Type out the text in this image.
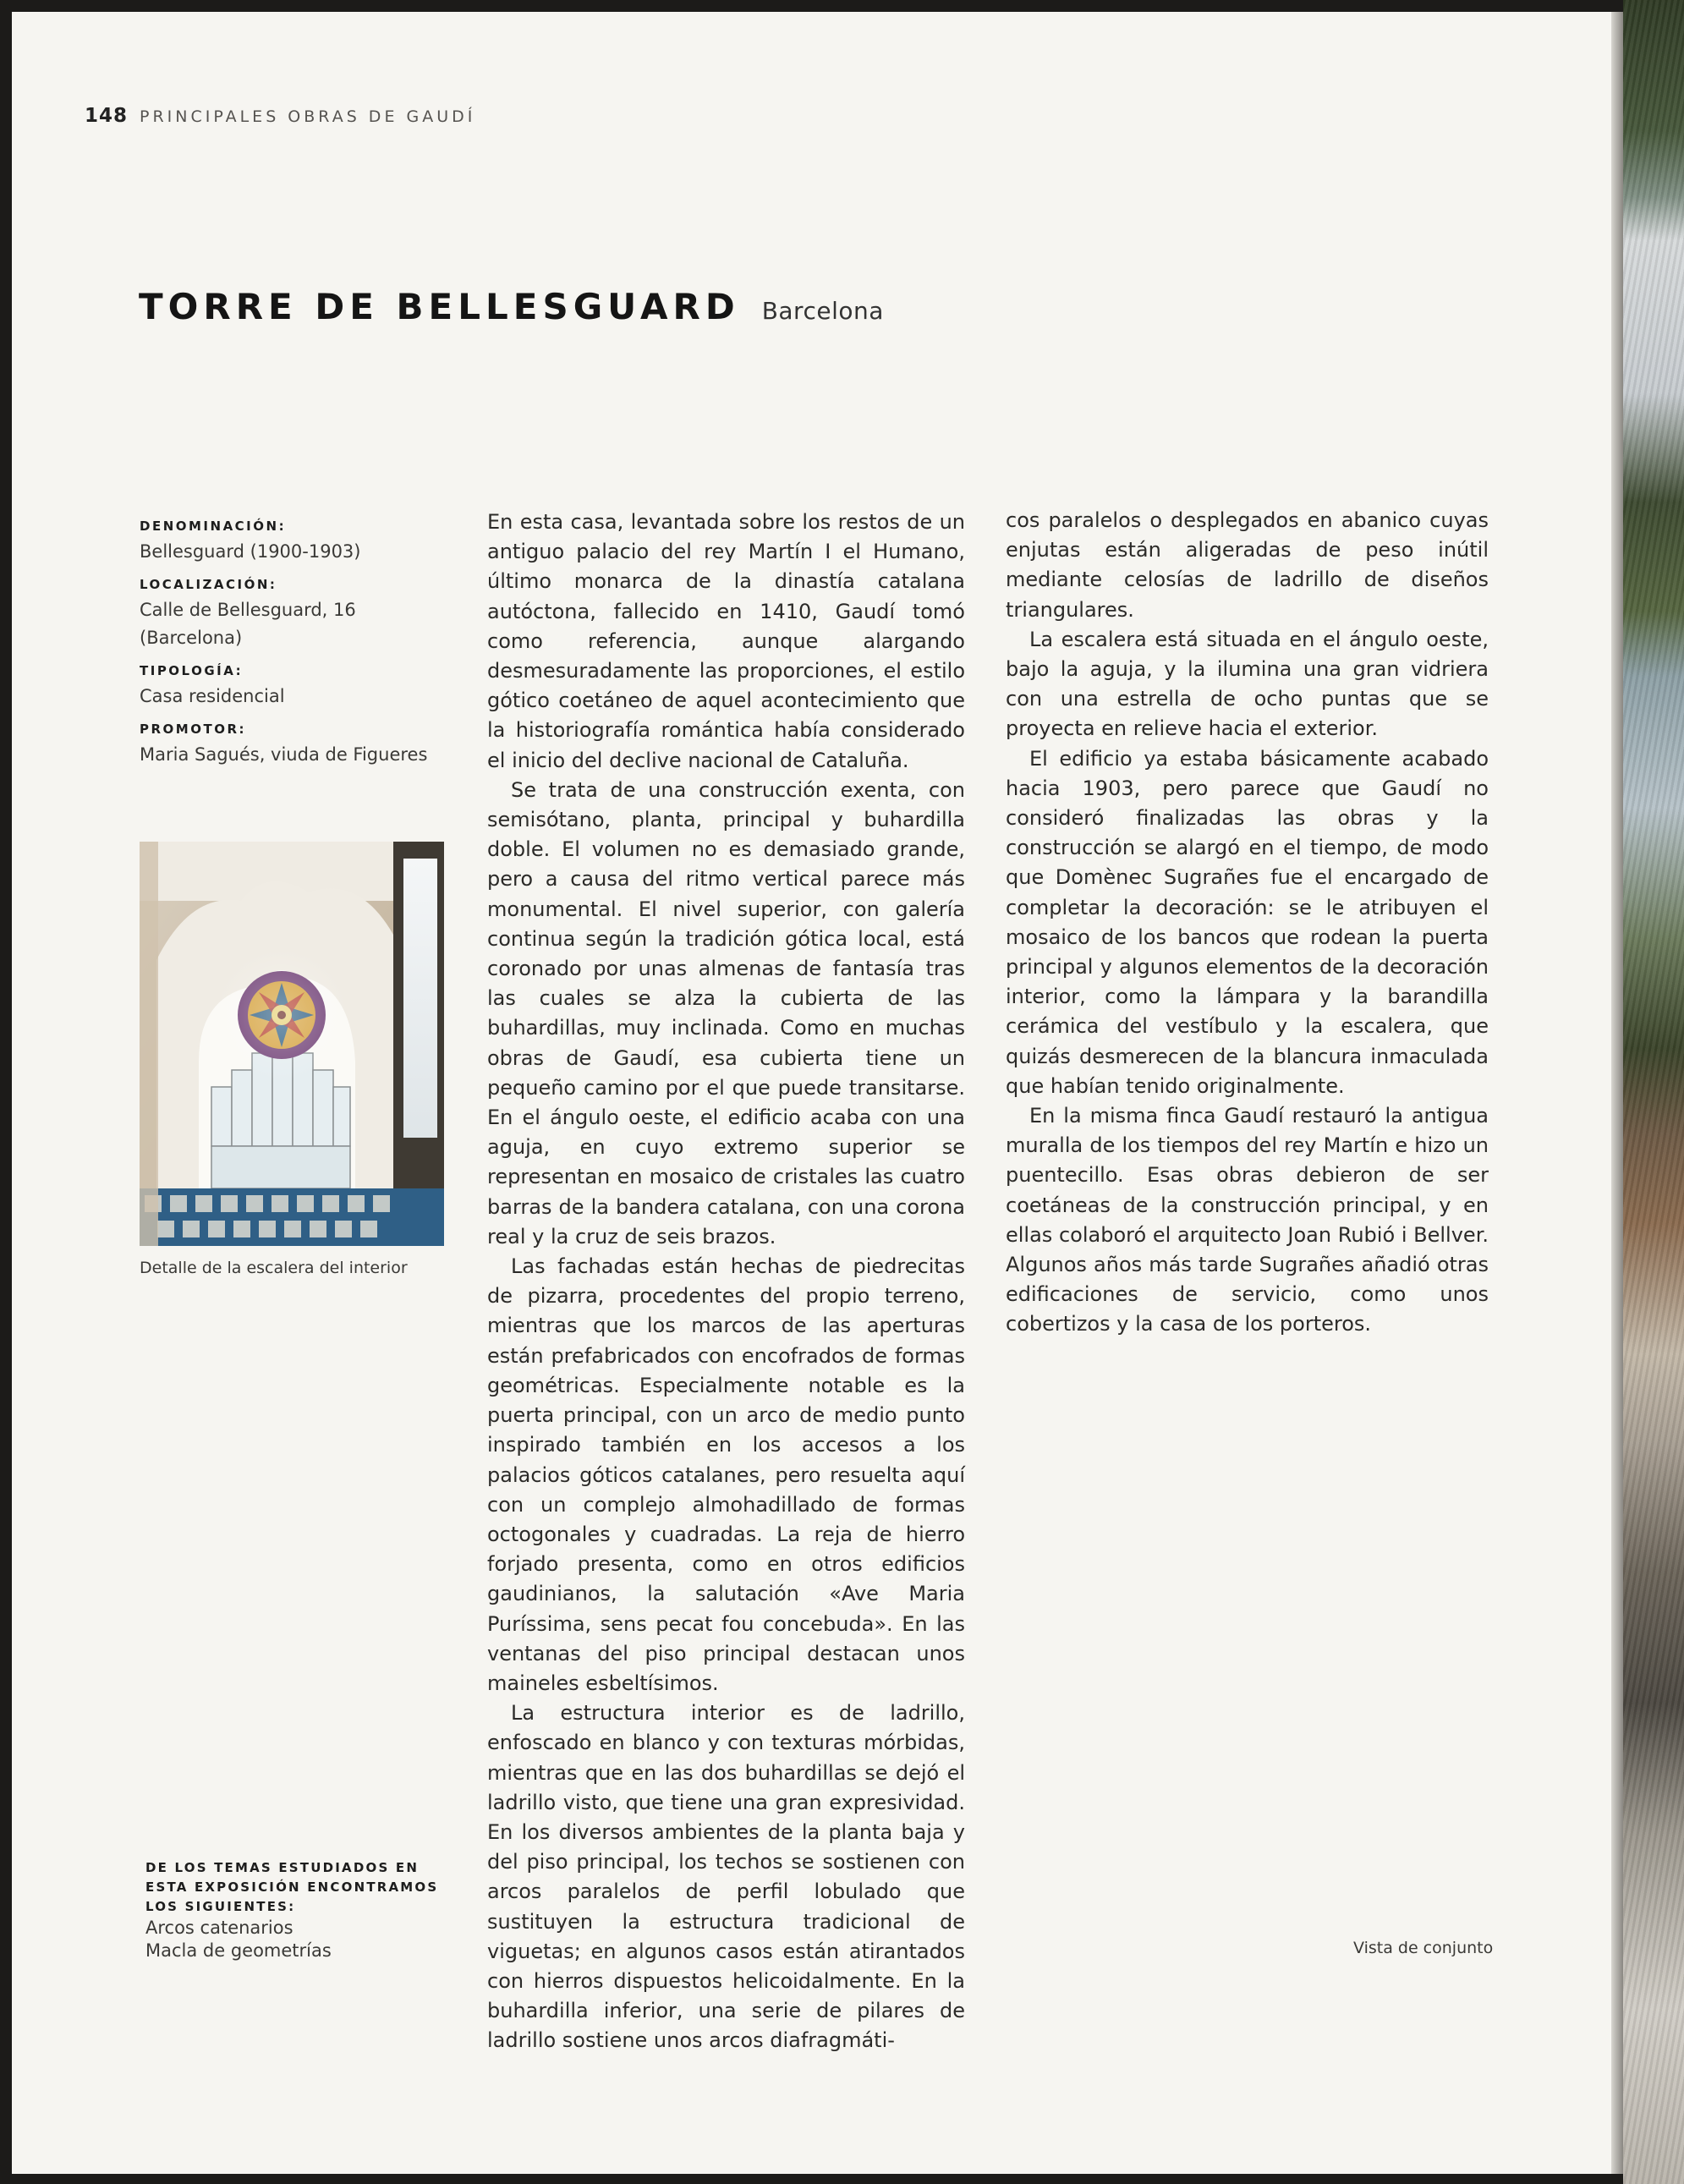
148 PRINCIPALES OBRAS DE GAUDÍ
TORRE DE BELLESGUARD Barcelona
DENOMINACIÓN:
Bellesguard (1900-1903)
LOCALIZACIÓN:
Calle de Bellesguard, 16 (Barcelona)
TIPOLOGÍA:
Casa residencial
PROMOTOR:
Maria Sagués, viuda de Figueres
Detalle de la escalera del interior
DE LOS TEMAS ESTUDIADOS EN ESTA EXPOSICIÓN ENCONTRAMOS LOS SIGUIENTES:
Arcos catenarios
Macla de geometrías

En esta casa, levantada sobre los restos de un antiguo palacio del rey Martín I el Humano, último monarca de la dinastía catalana autóctona, fallecido en 1410, Gaudí tomó como referencia, aunque alargando desmesuradamente las proporciones, el estilo gótico coetáneo de aquel acontecimiento que la historiografía romántica había considerado el inicio del declive nacional de Cataluña.

Se trata de una construcción exenta, con semisótano, planta, principal y buhardilla doble. El volumen no es demasiado grande, pero a causa del ritmo vertical parece más monumental. El nivel superior, con galería continua según la tradición gótica local, está coronado por unas almenas de fantasía tras las cuales se alza la cubierta de las buhardillas, muy inclinada. Como en muchas obras de Gaudí, esa cubierta tiene un pequeño camino por el que puede transitarse. En el ángulo oeste, el edificio acaba con una aguja, en cuyo extremo superior se representan en mosaico de cristales las cuatro barras de la bandera catalana, con una corona real y la cruz de seis brazos.

Las fachadas están hechas de piedrecitas de pizarra, procedentes del propio terreno, mientras que los marcos de las aperturas están prefabricados con encofrados de formas geométricas. Especialmente notable es la puerta principal, con un arco de medio punto inspirado también en los accesos a los palacios góticos catalanes, pero resuelta aquí con un complejo almohadillado de formas octogonales y cuadradas. La reja de hierro forjado presenta, como en otros edificios gaudinianos, la salutación «Ave Maria Puríssima, sens pecat fou concebuda». En las ventanas del piso principal destacan unos maineles esbeltísimos.

La estructura interior es de ladrillo, enfoscado en blanco y con texturas mórbidas, mientras que en las dos buhardillas se dejó el ladrillo visto, que tiene una gran expresividad. En los diversos ambientes de la planta baja y del piso principal, los techos se sostienen con arcos paralelos de perfil lobulado que sustituyen la estructura tradicional de viguetas; en algunos casos están atirantados con hierros dispuestos helicoidalmente. En la buhardilla inferior, una serie de pilares de ladrillo sostiene unos arcos diafragmáti-

cos paralelos o desplegados en abanico cuyas enjutas están aligeradas de peso inútil mediante celosías de ladrillo de diseños triangulares.

La escalera está situada en el ángulo oeste, bajo la aguja, y la ilumina una gran vidriera con una estrella de ocho puntas que se proyecta en relieve hacia el exterior.

El edificio ya estaba básicamente acabado hacia 1903, pero parece que Gaudí no consideró finalizadas las obras y la construcción se alargó en el tiempo, de modo que Domènec Sugrañes fue el encargado de completar la decoración: se le atribuyen el mosaico de los bancos que rodean la puerta principal y algunos elementos de la decoración interior, como la lámpara y la barandilla cerámica del vestíbulo y la escalera, que quizás desmerecen de la blancura inmaculada que habían tenido originalmente.

En la misma finca Gaudí restauró la antigua muralla de los tiempos del rey Martín e hizo un puentecillo. Esas obras debieron de ser coetáneas de la construcción principal, y en ellas colaboró el arquitecto Joan Rubió i Bellver. Algunos años más tarde Sugrañes añadió otras edificaciones de servicio, como unos cobertizos y la casa de los porteros.

Vista de conjunto
